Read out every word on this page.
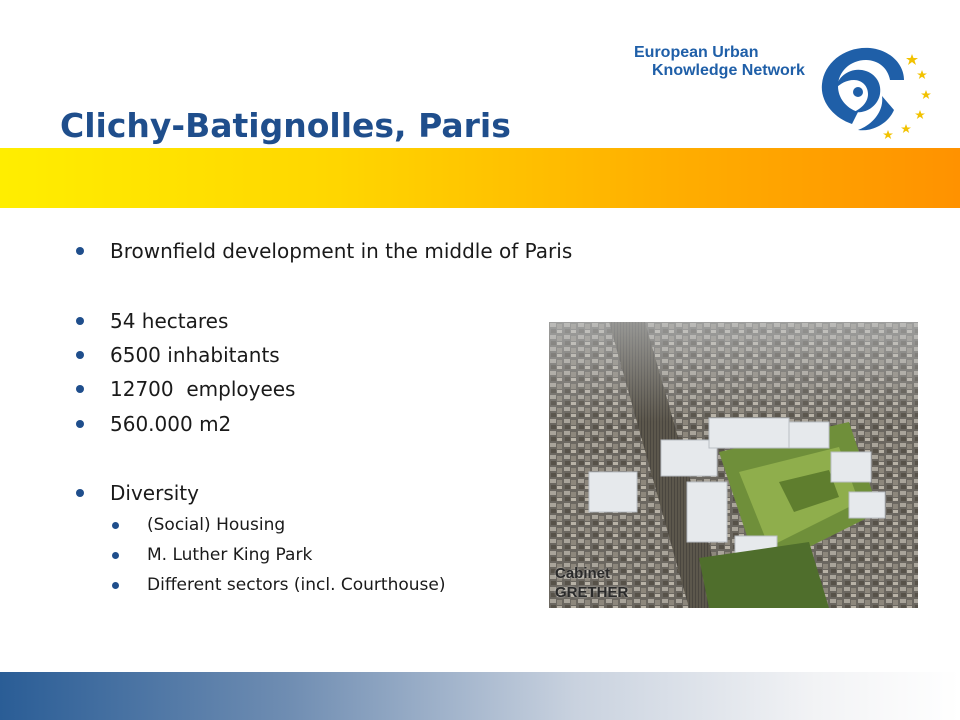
Clichy-Batignolles, Paris
European Urban
Knowledge Network
Brownfield development in the middle of Paris
54 hectares
6500 inhabitants
12700  employees
560.000 m2
Diversity
(Social) Housing
M. Luther King Park
Different sectors (incl. Courthouse)
Cabinet
GRETHER
